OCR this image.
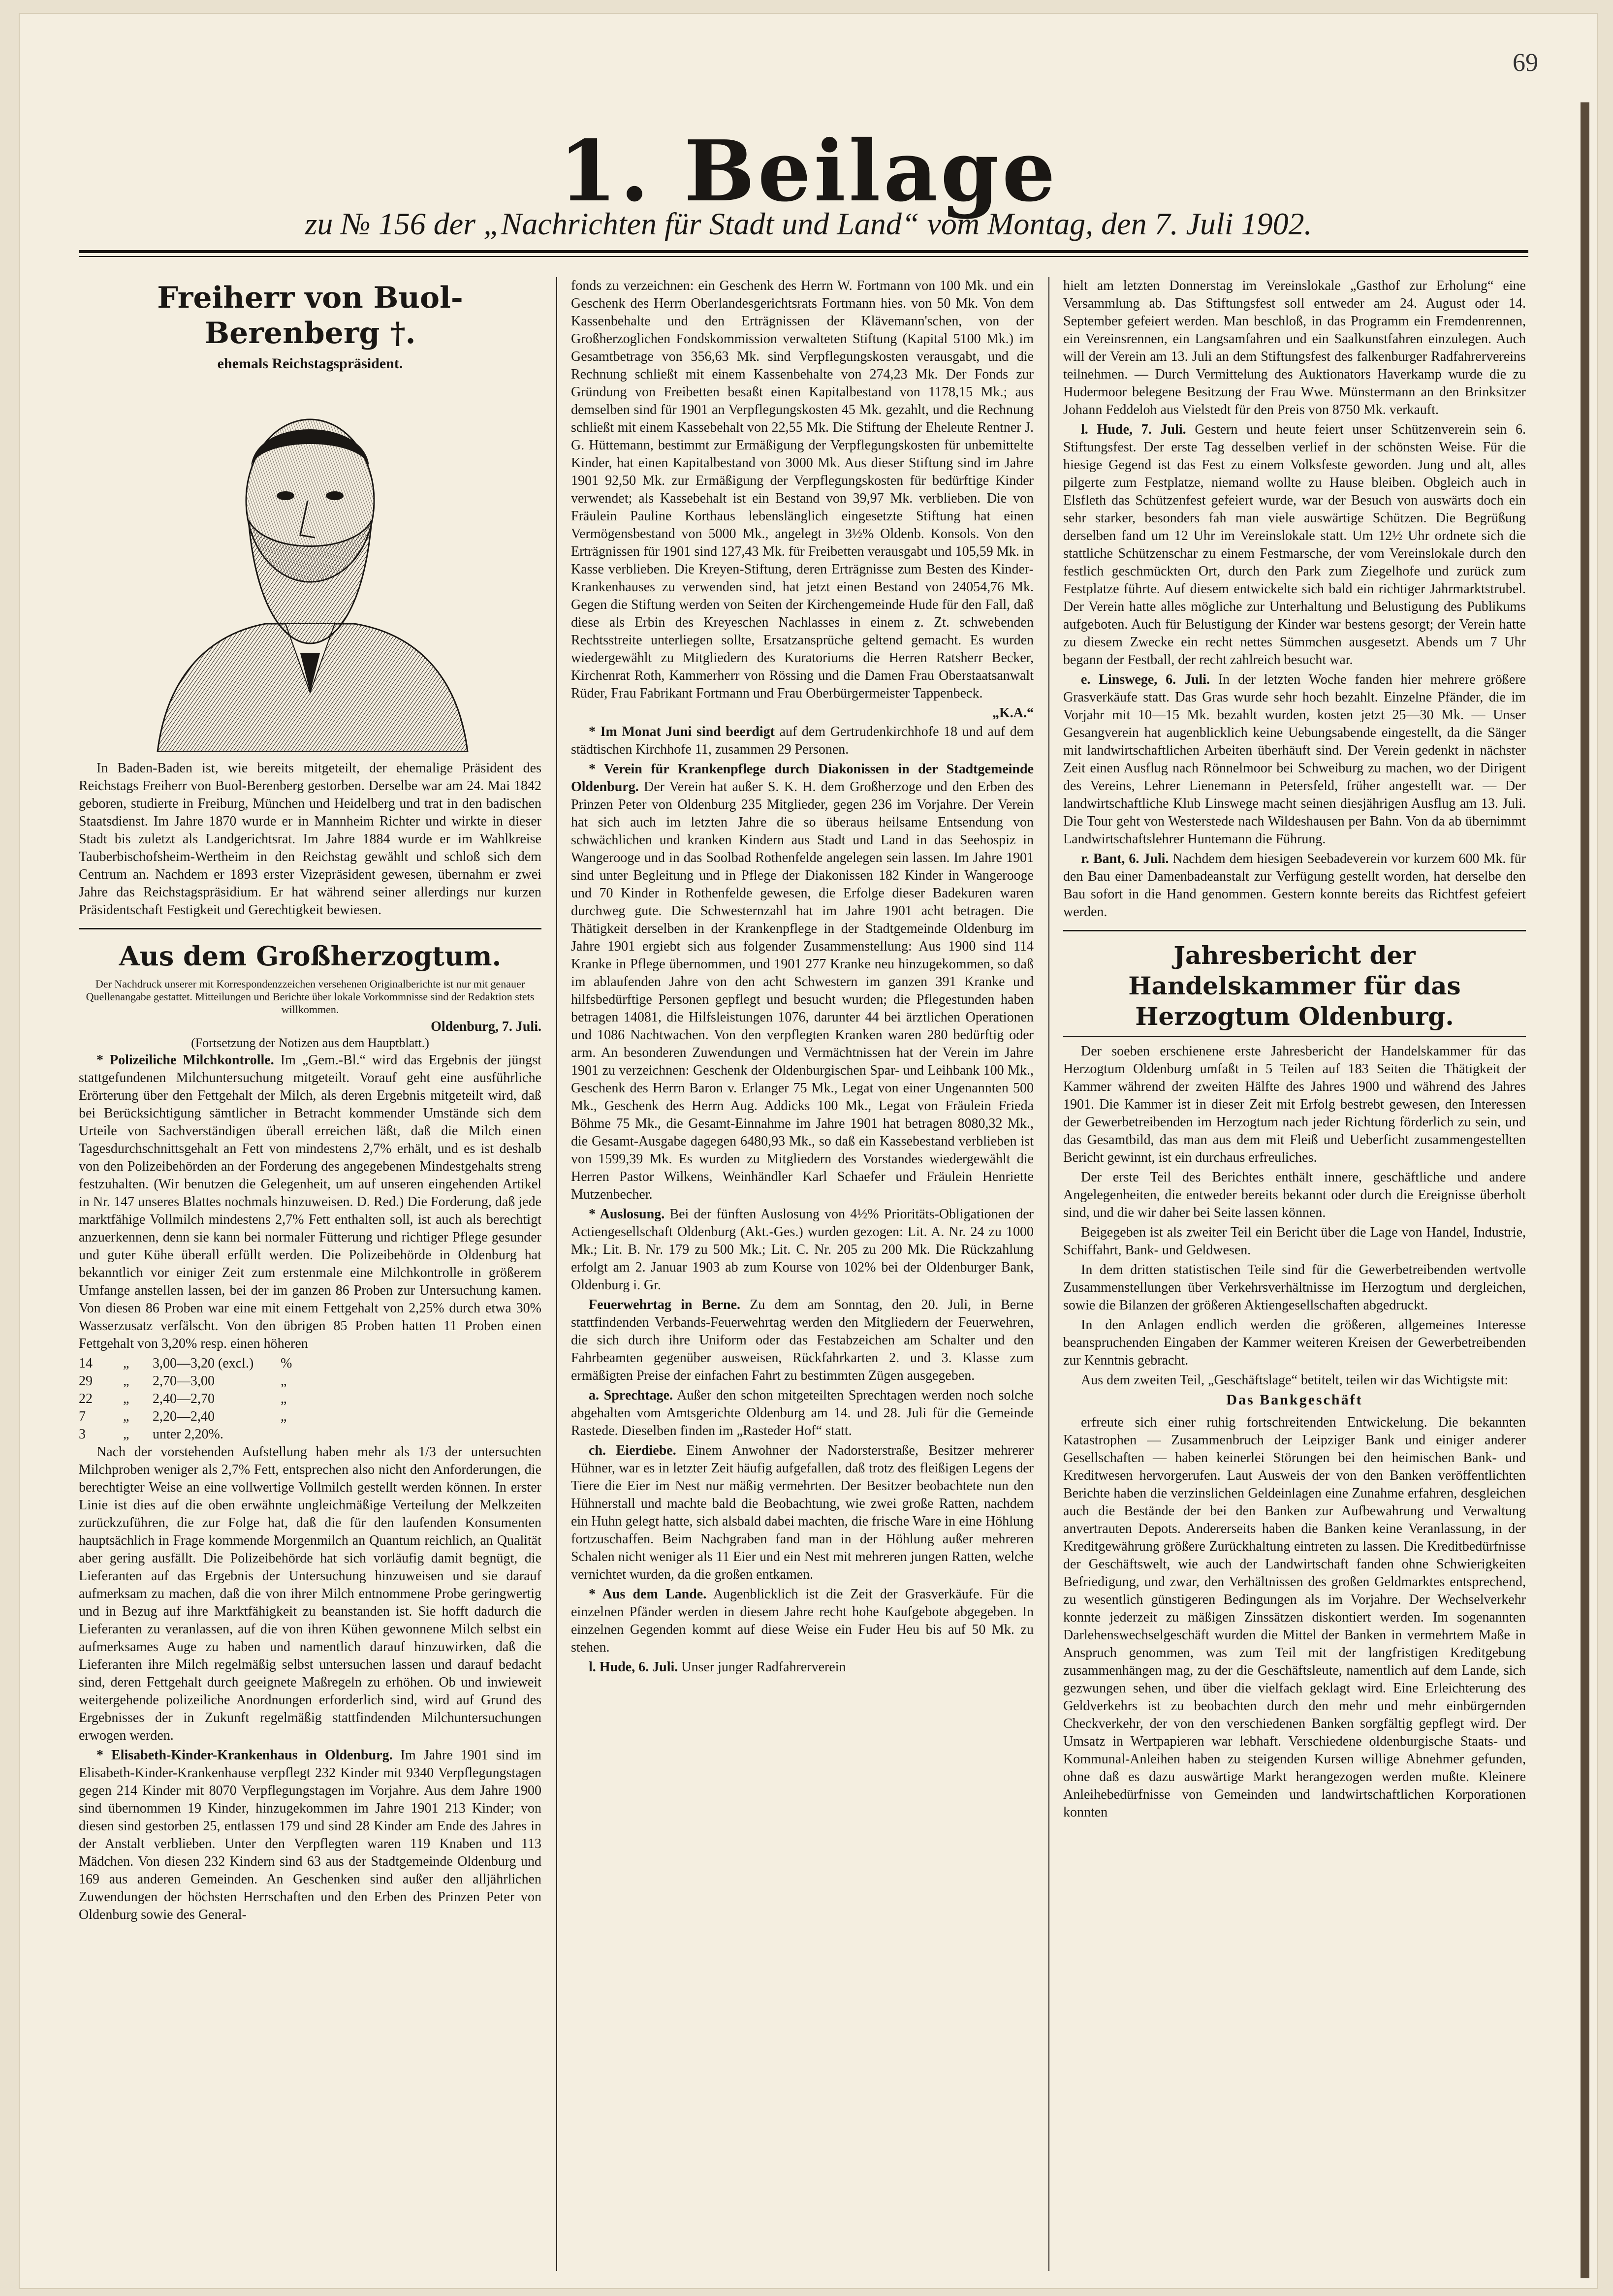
69
1. Beilage
zu № 156 der „Nachrichten für Stadt und Land“ vom Montag, den 7. Juli 1902.
Freiherr von Buol-Berenberg †.
ehemals Reichstagspräsident.

In Baden-Baden ist, wie bereits mitgeteilt, der ehemalige Präsident des Reichstags Freiherr von Buol-Berenberg gestorben. Derselbe war am 24. Mai 1842 geboren, studierte in Freiburg, München und Heidelberg und trat in den badischen Staatsdienst. Im Jahre 1870 wurde er in Mannheim Richter und wirkte in dieser Stadt bis zuletzt als Landgerichtsrat. Im Jahre 1884 wurde er im Wahlkreise Tauberbischofsheim-Wertheim in den Reichstag gewählt und schloß sich dem Centrum an. Nachdem er 1893 erster Vizepräsident gewesen, übernahm er zwei Jahre das Reichstagspräsidium. Er hat während seiner allerdings nur kurzen Präsidentschaft Festigkeit und Gerechtigkeit bewiesen.

Aus dem Großherzogtum.

Der Nachdruck unserer mit Korrespondenzzeichen versehenen Originalberichte ist nur mit genauer Quellenangabe gestattet. Mitteilungen und Berichte über lokale Vorkommnisse sind der Redaktion stets willkommen.

Oldenburg, 7. Juli.

(Fortsetzung der Notizen aus dem Hauptblatt.)

* Polizeiliche Milchkontrolle. Im „Gem.-Bl.“ wird das Ergebnis der jüngst stattgefundenen Milchuntersuchung mitgeteilt. Vorauf geht eine ausführliche Erörterung über den Fettgehalt der Milch, als deren Ergebnis mitgeteilt wird, daß bei Berücksichtigung sämtlicher in Betracht kommender Umstände sich dem Urteile von Sachverständigen überall erreichen läßt, daß die Milch einen Tagesdurchschnittsgehalt an Fett von mindestens 2,7% erhält, und es ist deshalb von den Polizeibehörden an der Forderung des angegebenen Mindestgehalts streng festzuhalten. (Wir benutzen die Gelegenheit, um auf unseren eingehenden Artikel in Nr. 147 unseres Blattes nochmals hinzuweisen. D. Red.) Die Forderung, daß jede marktfähige Vollmilch mindestens 2,7% Fett enthalten soll, ist auch als berechtigt anzuerkennen, denn sie kann bei normaler Fütterung und richtiger Pflege gesunder und guter Kühe überall erfüllt werden. Die Polizeibehörde in Oldenburg hat bekanntlich vor einiger Zeit zum erstenmale eine Milchkontrolle in größerem Umfange anstellen lassen, bei der im ganzen 86 Proben zur Untersuchung kamen. Von diesen 86 Proben war eine mit einem Fettgehalt von 2,25% durch etwa 30% Wasserzusatz verfälscht. Von den übrigen 85 Proben hatten 11 Proben einen Fettgehalt von 3,20% resp. einen höheren

14	„	3,00—3,20 (excl.)	%
29	„	2,70—3,00	„
22	„	2,40—2,70	„
7	„	2,20—2,40	„
3	„	unter 2,20%.

Nach der vorstehenden Aufstellung haben mehr als 1/3 der untersuchten Milchproben weniger als 2,7% Fett, entsprechen also nicht den Anforderungen, die berechtigter Weise an eine vollwertige Vollmilch gestellt werden können. In erster Linie ist dies auf die oben erwähnte ungleichmäßige Verteilung der Melkzeiten zurückzuführen, die zur Folge hat, daß die für den laufenden Konsumenten hauptsächlich in Frage kommende Morgenmilch an Quantum reichlich, an Qualität aber gering ausfällt. Die Polizeibehörde hat sich vorläufig damit begnügt, die Lieferanten auf das Ergebnis der Untersuchung hinzuweisen und sie darauf aufmerksam zu machen, daß die von ihrer Milch entnommene Probe geringwertig und in Bezug auf ihre Marktfähigkeit zu beanstanden ist. Sie hofft dadurch die Lieferanten zu veranlassen, auf die von ihren Kühen gewonnene Milch selbst ein aufmerksames Auge zu haben und namentlich darauf hinzuwirken, daß die Lieferanten ihre Milch regelmäßig selbst untersuchen lassen und darauf bedacht sind, deren Fettgehalt durch geeignete Maßregeln zu erhöhen. Ob und inwieweit weitergehende polizeiliche Anordnungen erforderlich sind, wird auf Grund des Ergebnisses der in Zukunft regelmäßig stattfindenden Milchuntersuchungen erwogen werden.

* Elisabeth-Kinder-Krankenhaus in Oldenburg. Im Jahre 1901 sind im Elisabeth-Kinder-Krankenhause verpflegt 232 Kinder mit 9340 Verpflegungstagen gegen 214 Kinder mit 8070 Verpflegungstagen im Vorjahre. Aus dem Jahre 1900 sind übernommen 19 Kinder, hinzugekommen im Jahre 1901 213 Kinder; von diesen sind gestorben 25, entlassen 179 und sind 28 Kinder am Ende des Jahres in der Anstalt verblieben. Unter den Verpflegten waren 119 Knaben und 113 Mädchen. Von diesen 232 Kindern sind 63 aus der Stadtgemeinde Oldenburg und 169 aus anderen Gemeinden. An Geschenken sind außer den alljährlichen Zuwendungen der höchsten Herrschaften und den Erben des Prinzen Peter von Oldenburg sowie des General-

fonds zu verzeichnen: ein Geschenk des Herrn W. Fortmann von 100 Mk. und ein Geschenk des Herrn Oberlandesgerichtsrats Fortmann hies. von 50 Mk. Von dem Kassenbehalte und den Erträgnissen der Klävemann'schen, von der Großherzoglichen Fondskommission verwalteten Stiftung (Kapital 5100 Mk.) im Gesamtbetrage von 356,63 Mk. sind Verpflegungskosten verausgabt, und die Rechnung schließt mit einem Kassenbehalte von 274,23 Mk. Der Fonds zur Gründung von Freibetten besaßt einen Kapitalbestand von 1178,15 Mk.; aus demselben sind für 1901 an Verpflegungskosten 45 Mk. gezahlt, und die Rechnung schließt mit einem Kassebehalt von 22,55 Mk. Die Stiftung der Eheleute Rentner J. G. Hüttemann, bestimmt zur Ermäßigung der Verpflegungskosten für unbemittelte Kinder, hat einen Kapitalbestand von 3000 Mk. Aus dieser Stiftung sind im Jahre 1901 92,50 Mk. zur Ermäßigung der Verpflegungskosten für bedürftige Kinder verwendet; als Kassebehalt ist ein Bestand von 39,97 Mk. verblieben. Die von Fräulein Pauline Korthaus lebenslänglich eingesetzte Stiftung hat einen Vermögensbestand von 5000 Mk., angelegt in 3½% Oldenb. Konsols. Von den Erträgnissen für 1901 sind 127,43 Mk. für Freibetten verausgabt und 105,59 Mk. in Kasse verblieben. Die Kreyen-Stiftung, deren Erträgnisse zum Besten des Kinder-Krankenhauses zu verwenden sind, hat jetzt einen Bestand von 24054,76 Mk. Gegen die Stiftung werden von Seiten der Kirchengemeinde Hude für den Fall, daß diese als Erbin des Kreyeschen Nachlasses in einem z. Zt. schwebenden Rechtsstreite unterliegen sollte, Ersatzansprüche geltend gemacht. Es wurden wiedergewählt zu Mitgliedern des Kuratoriums die Herren Ratsherr Becker, Kirchenrat Roth, Kammerherr von Rössing und die Damen Frau Oberstaatsanwalt Rüder, Frau Fabrikant Fortmann und Frau Oberbürgermeister Tappenbeck.

„K.A.“

* Im Monat Juni sind beerdigt auf dem Gertrudenkirchhofe 18 und auf dem städtischen Kirchhofe 11, zusammen 29 Personen.

* Verein für Krankenpflege durch Diakonissen in der Stadtgemeinde Oldenburg. Der Verein hat außer S. K. H. dem Großherzoge und den Erben des Prinzen Peter von Oldenburg 235 Mitglieder, gegen 236 im Vorjahre. Der Verein hat sich auch im letzten Jahre die so überaus heilsame Entsendung von schwächlichen und kranken Kindern aus Stadt und Land in das Seehospiz in Wangerooge und in das Soolbad Rothenfelde angelegen sein lassen. Im Jahre 1901 sind unter Begleitung und in Pflege der Diakonissen 182 Kinder in Wangerooge und 70 Kinder in Rothenfelde gewesen, die Erfolge dieser Badekuren waren durchweg gute. Die Schwesternzahl hat im Jahre 1901 acht betragen. Die Thätigkeit derselben in der Krankenpflege in der Stadtgemeinde Oldenburg im Jahre 1901 ergiebt sich aus folgender Zusammenstellung: Aus 1900 sind 114 Kranke in Pflege übernommen, und 1901 277 Kranke neu hinzugekommen, so daß im ablaufenden Jahre von den acht Schwestern im ganzen 391 Kranke und hilfsbedürftige Personen gepflegt und besucht wurden; die Pflegestunden haben betragen 14081, die Hilfsleistungen 1076, darunter 44 bei ärztlichen Operationen und 1086 Nachtwachen. Von den verpflegten Kranken waren 280 bedürftig oder arm. An besonderen Zuwendungen und Vermächtnissen hat der Verein im Jahre 1901 zu verzeichnen: Geschenk der Oldenburgischen Spar- und Leihbank 100 Mk., Geschenk des Herrn Baron v. Erlanger 75 Mk., Legat von einer Ungenannten 500 Mk., Geschenk des Herrn Aug. Addicks 100 Mk., Legat von Fräulein Frieda Böhme 75 Mk., die Gesamt-Einnahme im Jahre 1901 hat betragen 8080,32 Mk., die Gesamt-Ausgabe dagegen 6480,93 Mk., so daß ein Kassebestand verblieben ist von 1599,39 Mk. Es wurden zu Mitgliedern des Vorstandes wiedergewählt die Herren Pastor Wilkens, Weinhändler Karl Schaefer und Fräulein Henriette Mutzenbecher.

* Auslosung. Bei der fünften Auslosung von 4½% Prioritäts-Obligationen der Actiengesellschaft Oldenburg (Akt.-Ges.) wurden gezogen: Lit. A. Nr. 24 zu 1000 Mk.; Lit. B. Nr. 179 zu 500 Mk.; Lit. C. Nr. 205 zu 200 Mk. Die Rückzahlung erfolgt am 2. Januar 1903 ab zum Kourse von 102% bei der Oldenburger Bank, Oldenburg i. Gr.

Feuerwehrtag in Berne. Zu dem am Sonntag, den 20. Juli, in Berne stattfindenden Verbands-Feuerwehrtag werden den Mitgliedern der Feuerwehren, die sich durch ihre Uniform oder das Festabzeichen am Schalter und den Fahrbeamten gegenüber ausweisen, Rückfahrkarten 2. und 3. Klasse zum ermäßigten Preise der einfachen Fahrt zu bestimmten Zügen ausgegeben.

a. Sprechtage. Außer den schon mitgeteilten Sprechtagen werden noch solche abgehalten vom Amtsgerichte Oldenburg am 14. und 28. Juli für die Gemeinde Rastede. Dieselben finden im „Rasteder Hof“ statt.

ch. Eierdiebe. Einem Anwohner der Nadorsterstraße, Besitzer mehrerer Hühner, war es in letzter Zeit häufig aufgefallen, daß trotz des fleißigen Legens der Tiere die Eier im Nest nur mäßig vermehrten. Der Besitzer beobachtete nun den Hühnerstall und machte bald die Beobachtung, wie zwei große Ratten, nachdem ein Huhn gelegt hatte, sich alsbald dabei machten, die frische Ware in eine Höhlung fortzuschaffen. Beim Nachgraben fand man in der Höhlung außer mehreren Schalen nicht weniger als 11 Eier und ein Nest mit mehreren jungen Ratten, welche vernichtet wurden, da die großen entkamen.

* Aus dem Lande. Augenblicklich ist die Zeit der Grasverkäufe. Für die einzelnen Pfänder werden in diesem Jahre recht hohe Kaufgebote abgegeben. In einzelnen Gegenden kommt auf diese Weise ein Fuder Heu bis auf 50 Mk. zu stehen.

l. Hude, 6. Juli. Unser junger Radfahrerverein

hielt am letzten Donnerstag im Vereinslokale „Gasthof zur Erholung“ eine Versammlung ab. Das Stiftungsfest soll entweder am 24. August oder 14. September gefeiert werden. Man beschloß, in das Programm ein Fremdenrennen, ein Vereinsrennen, ein Langsamfahren und ein Saalkunstfahren einzulegen. Auch will der Verein am 13. Juli an dem Stiftungsfest des falkenburger Radfahrervereins teilnehmen. — Durch Vermittelung des Auktionators Haverkamp wurde die zu Hudermoor belegene Besitzung der Frau Wwe. Münstermann an den Brinksitzer Johann Feddeloh aus Vielstedt für den Preis von 8750 Mk. verkauft.

l. Hude, 7. Juli. Gestern und heute feiert unser Schützenverein sein 6. Stiftungsfest. Der erste Tag desselben verlief in der schönsten Weise. Für die hiesige Gegend ist das Fest zu einem Volksfeste geworden. Jung und alt, alles pilgerte zum Festplatze, niemand wollte zu Hause bleiben. Obgleich auch in Elsfleth das Schützenfest gefeiert wurde, war der Besuch von auswärts doch ein sehr starker, besonders fah man viele auswärtige Schützen. Die Begrüßung derselben fand um 12 Uhr im Vereinslokale statt. Um 12½ Uhr ordnete sich die stattliche Schützenschar zu einem Festmarsche, der vom Vereinslokale durch den festlich geschmückten Ort, durch den Park zum Ziegelhofe und zurück zum Festplatze führte. Auf diesem entwickelte sich bald ein richtiger Jahrmarktstrubel. Der Verein hatte alles mögliche zur Unterhaltung und Belustigung des Publikums aufgeboten. Auch für Belustigung der Kinder war bestens gesorgt; der Verein hatte zu diesem Zwecke ein recht nettes Sümmchen ausgesetzt. Abends um 7 Uhr begann der Festball, der recht zahlreich besucht war.

e. Linswege, 6. Juli. In der letzten Woche fanden hier mehrere größere Grasverkäufe statt. Das Gras wurde sehr hoch bezahlt. Einzelne Pfänder, die im Vorjahr mit 10—15 Mk. bezahlt wurden, kosten jetzt 25—30 Mk. — Unser Gesangverein hat augenblicklich keine Uebungsabende eingestellt, da die Sänger mit landwirtschaftlichen Arbeiten überhäuft sind. Der Verein gedenkt in nächster Zeit einen Ausflug nach Rönnelmoor bei Schweiburg zu machen, wo der Dirigent des Vereins, Lehrer Lienemann in Petersfeld, früher angestellt war. — Der landwirtschaftliche Klub Linswege macht seinen diesjährigen Ausflug am 13. Juli. Die Tour geht von Westerstede nach Wildeshausen per Bahn. Von da ab übernimmt Landwirtschaftslehrer Huntemann die Führung.

r. Bant, 6. Juli. Nachdem dem hiesigen Seebadeverein vor kurzem 600 Mk. für den Bau einer Damenbadeanstalt zur Verfügung gestellt worden, hat derselbe den Bau sofort in die Hand genommen. Gestern konnte bereits das Richtfest gefeiert werden.

Jahresbericht der Handelskammer für das Herzogtum Oldenburg.

Der soeben erschienene erste Jahresbericht der Handelskammer für das Herzogtum Oldenburg umfaßt in 5 Teilen auf 183 Seiten die Thätigkeit der Kammer während der zweiten Hälfte des Jahres 1900 und während des Jahres 1901. Die Kammer ist in dieser Zeit mit Erfolg bestrebt gewesen, den Interessen der Gewerbetreibenden im Herzogtum nach jeder Richtung förderlich zu sein, und das Gesamtbild, das man aus dem mit Fleiß und Ueberficht zusammengestellten Bericht gewinnt, ist ein durchaus erfreuliches.

Der erste Teil des Berichtes enthält innere, geschäftliche und andere Angelegenheiten, die entweder bereits bekannt oder durch die Ereignisse überholt sind, und die wir daher bei Seite lassen können.

Beigegeben ist als zweiter Teil ein Bericht über die Lage von Handel, Industrie, Schiffahrt, Bank- und Geldwesen.

In dem dritten statistischen Teile sind für die Gewerbetreibenden wertvolle Zusammenstellungen über Verkehrsverhältnisse im Herzogtum und dergleichen, sowie die Bilanzen der größeren Aktiengesellschaften abgedruckt.

In den Anlagen endlich werden die größeren, allgemeines Interesse beanspruchenden Eingaben der Kammer weiteren Kreisen der Gewerbetreibenden zur Kenntnis gebracht.

Aus dem zweiten Teil, „Geschäftslage“ betitelt, teilen wir das Wichtigste mit:

Das Bankgeschäft

erfreute sich einer ruhig fortschreitenden Entwickelung. Die bekannten Katastrophen — Zusammenbruch der Leipziger Bank und einiger anderer Gesellschaften — haben keinerlei Störungen bei den heimischen Bank- und Kreditwesen hervorgerufen. Laut Ausweis der von den Banken veröffentlichten Berichte haben die verzinslichen Geldeinlagen eine Zunahme erfahren, desgleichen auch die Bestände der bei den Banken zur Aufbewahrung und Verwaltung anvertrauten Depots. Andererseits haben die Banken keine Veranlassung, in der Kreditgewährung größere Zurückhaltung eintreten zu lassen. Die Kreditbedürfnisse der Geschäftswelt, wie auch der Landwirtschaft fanden ohne Schwierigkeiten Befriedigung, und zwar, den Verhältnissen des großen Geldmarktes entsprechend, zu wesentlich günstigeren Bedingungen als im Vorjahre. Der Wechselverkehr konnte jederzeit zu mäßigen Zinssätzen diskontiert werden. Im sogenannten Darlehenswechselgeschäft wurden die Mittel der Banken in vermehrtem Maße in Anspruch genommen, was zum Teil mit der langfristigen Kreditgebung zusammenhängen mag, zu der die Geschäftsleute, namentlich auf dem Lande, sich gezwungen sehen, und über die vielfach geklagt wird. Eine Erleichterung des Geldverkehrs ist zu beobachten durch den mehr und mehr einbürgernden Checkverkehr, der von den verschiedenen Banken sorgfältig gepflegt wird. Der Umsatz in Wertpapieren war lebhaft. Verschiedene oldenburgische Staats- und Kommunal-Anleihen haben zu steigenden Kursen willige Abnehmer gefunden, ohne daß es dazu auswärtige Markt herangezogen werden mußte. Kleinere Anleihebedürfnisse von Gemeinden und landwirtschaftlichen Korporationen konnten
